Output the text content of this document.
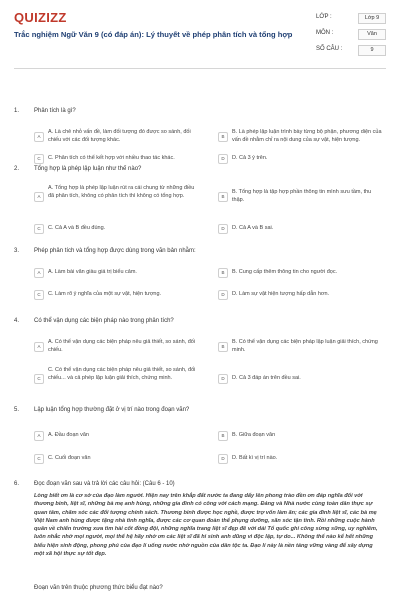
QUIZIZZ
Trắc nghiệm Ngữ Văn 9 (có đáp án): Lý thuyết về phép phân tích và tổng hợp
LỚP :	Lớp 9
MÔN :	Văn
SỐ CÂU :	9
1. Phân tích là gì?
A
A. Là chẻ nhỏ vấn đề, làm đối tượng đó được so sánh, đối chiếu với các đối tượng khác.
B
B. Là phép lập luận trình bày từng bộ phận, phương diện của vấn đề nhằm chỉ ra nội dung của sự vật, hiện tượng.
C	C. Phân tích có thể kết hợp với nhiều thao tác khác.	D	D. Cả 3 ý trên.
2. Tổng hợp là phép lập luận như thế nào?
A
A. Tổng hợp là phép lập luận rút ra cái chung từ những điều đã phân tích, không có phân tích thì không có tổng hợp.	B
B. Tổng hợp là tập hợp phần thông tin mình sưu tầm, thu thập.
C	C. Cả A và B đều đúng.	D	D. Cả A và B sai.
3. Phép phân tích và tổng hợp được dùng trong văn bản nhằm:
A	A. Làm bài văn giàu giá trị biểu cảm.	B	B. Cung cấp thêm thông tin cho người đọc.
C	C. Làm rõ ý nghĩa của một sự vật, hiện tượng.	D	D. Làm sự vật hiện tượng hấp dẫn hơn.
4. Có thể vận dụng các biện pháp nào trong phân tích?
A
A. Có thể vận dụng các biện pháp nêu giả thiết, so sánh, đối chiếu.
B
B. Có thể vận dụng các biện pháp lập luận giải thích, chứng minh.
C
C. Có thể vận dụng các biện pháp nêu giả thiết, so sánh, đối chiếu... và cả phép lập luận giải thích, chứng minh.	D	D. Cả 3 đáp án trên đều sai.
5. Lập luận tổng hợp thường đặt ở vị trí nào trong đoạn văn?
A	A. Đầu đoạn văn	B	B. Giữa đoạn văn
C	C. Cuối đoạn văn	D	D. Bất kì vị trí nào.
6. Đọc đoạn văn sau và trả lời các câu hỏi: (Câu 6 - 10)
Lòng biết ơn là cơ sở của đạo làm người. Hiện nay trên khắp đất nước ta đang dấy lên phong trào đền ơn đáp nghĩa đối với thương binh, liệt sĩ, những bà mẹ anh hùng, những gia đình có công với cách mạng. Đảng và Nhà nước cùng toàn dân thực sự quan tâm, chăm sóc các đối tượng chính sách. Thương binh được học nghề, được trợ vốn làm ăn; các gia đình liệt sĩ, các bà mẹ Việt Nam anh hùng được tặng nhà tình nghĩa, được các cơ quan đoàn thể phụng dưỡng, săn sóc tận tình. Rồi những cuộc hành quân về chiến trường xưa tìm hài cốt đồng đội, những nghĩa trang liệt sĩ đẹp đẽ với dải Tổ quốc ghi công sừng sững, uy nghiêm, luôn nhắc nhở mọi người, mọi thế hệ hãy nhớ ơn các liệt sĩ đã hi sinh anh dũng vì độc lập, tự do... Không thể nào kể hết những biểu hiện sinh động, phong phú của đạo lí uống nước nhớ nguồn của dân tộc ta. Đạo lí này là nền tảng vững vàng để xây dựng một xã hội thực sự tốt đẹp.
Đoạn văn trên thuộc phương thức biểu đạt nào?
